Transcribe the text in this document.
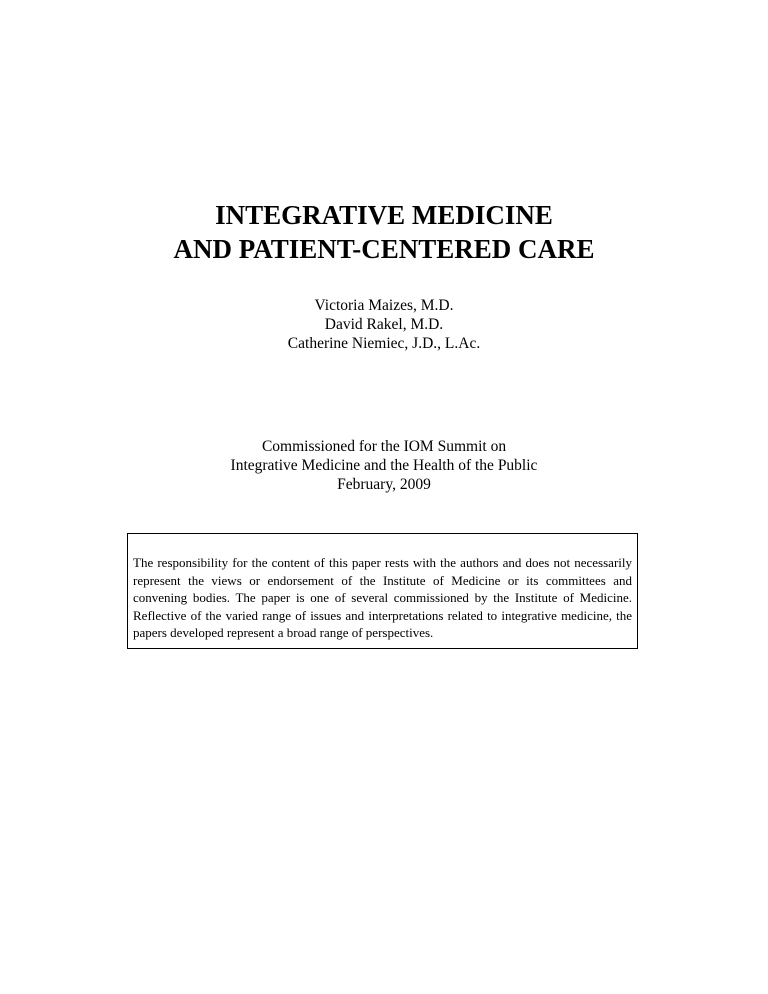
INTEGRATIVE MEDICINE
AND PATIENT-CENTERED CARE
Victoria Maizes, M.D.
David Rakel, M.D.
Catherine Niemiec, J.D., L.Ac.
Commissioned for the IOM Summit on
Integrative Medicine and the Health of the Public
February, 2009
The responsibility for the content of this paper rests with the authors and does not necessarily represent the views or endorsement of the Institute of Medicine or its committees and convening bodies. The paper is one of several commissioned by the Institute of Medicine. Reflective of the varied range of issues and interpretations related to integrative medicine, the papers developed represent a broad range of perspectives.
